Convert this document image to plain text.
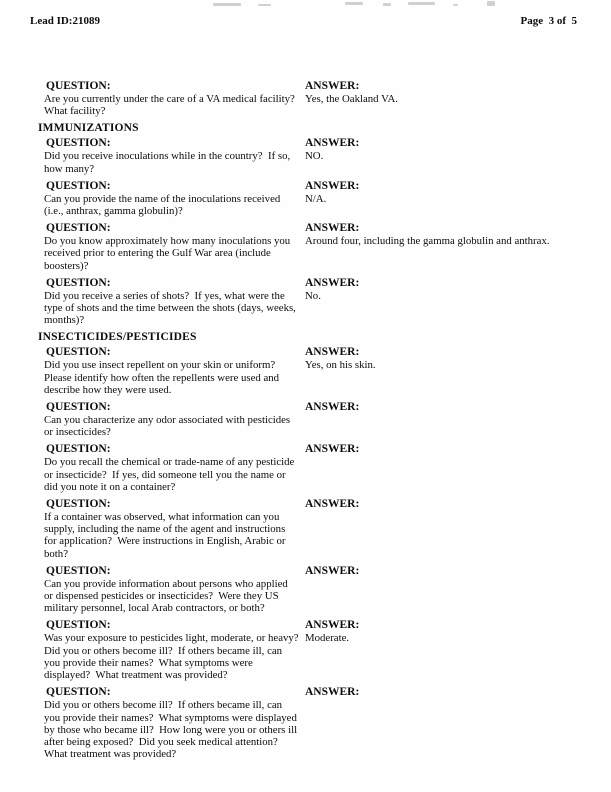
Lead ID:21089	Page  3 of  5
QUESTION:	ANSWER:
Are you currently under the care of a VA medical facility?  What facility?
Yes, the Oakland VA.
IMMUNIZATIONS
QUESTION:	ANSWER:
Did you receive inoculations while in the country?  If so, how many?
NO.
QUESTION:	ANSWER:
Can you provide the name of the inoculations received (i.e., anthrax, gamma globulin)?
N/A.
QUESTION:	ANSWER:
Do you know approximately how many inoculations you received prior to entering the Gulf War area (include boosters)?
Around four, including the gamma globulin and anthrax.
QUESTION:	ANSWER:
Did you receive a series of shots?  If yes, what were the type of shots and the time between the shots (days, weeks, months)?
No.
INSECTICIDES/PESTICIDES
QUESTION:	ANSWER:
Did you use insect repellent on your skin or uniform?  Please identify how often the repellents were used and describe how they were used.
Yes, on his skin.
QUESTION:	ANSWER:
Can you characterize any odor associated with pesticides or insecticides?
QUESTION:	ANSWER:
Do you recall the chemical or trade-name of any pesticide or insecticide?  If yes, did someone tell you the name or did you note it on a container?
QUESTION:	ANSWER:
If a container was observed, what information can you supply, including the name of the agent and instructions for application?  Were instructions in English, Arabic or both?
QUESTION:	ANSWER:
Can you provide information about persons who applied or dispensed pesticides or insecticides?  Were they US military personnel, local Arab contractors, or both?
QUESTION:	ANSWER:
Was your exposure to pesticides light, moderate, or heavy?  Did you or others become ill?  If others became ill, can you provide their names?  What symptoms were displayed?  What treatment was provided?
Moderate.
QUESTION:	ANSWER:
Did you or others become ill?  If others became ill, can you provide their names?  What symptoms were displayed by those who became ill?  How long were you or others ill after being exposed?  Did you seek medical attention?  What treatment was provided?
